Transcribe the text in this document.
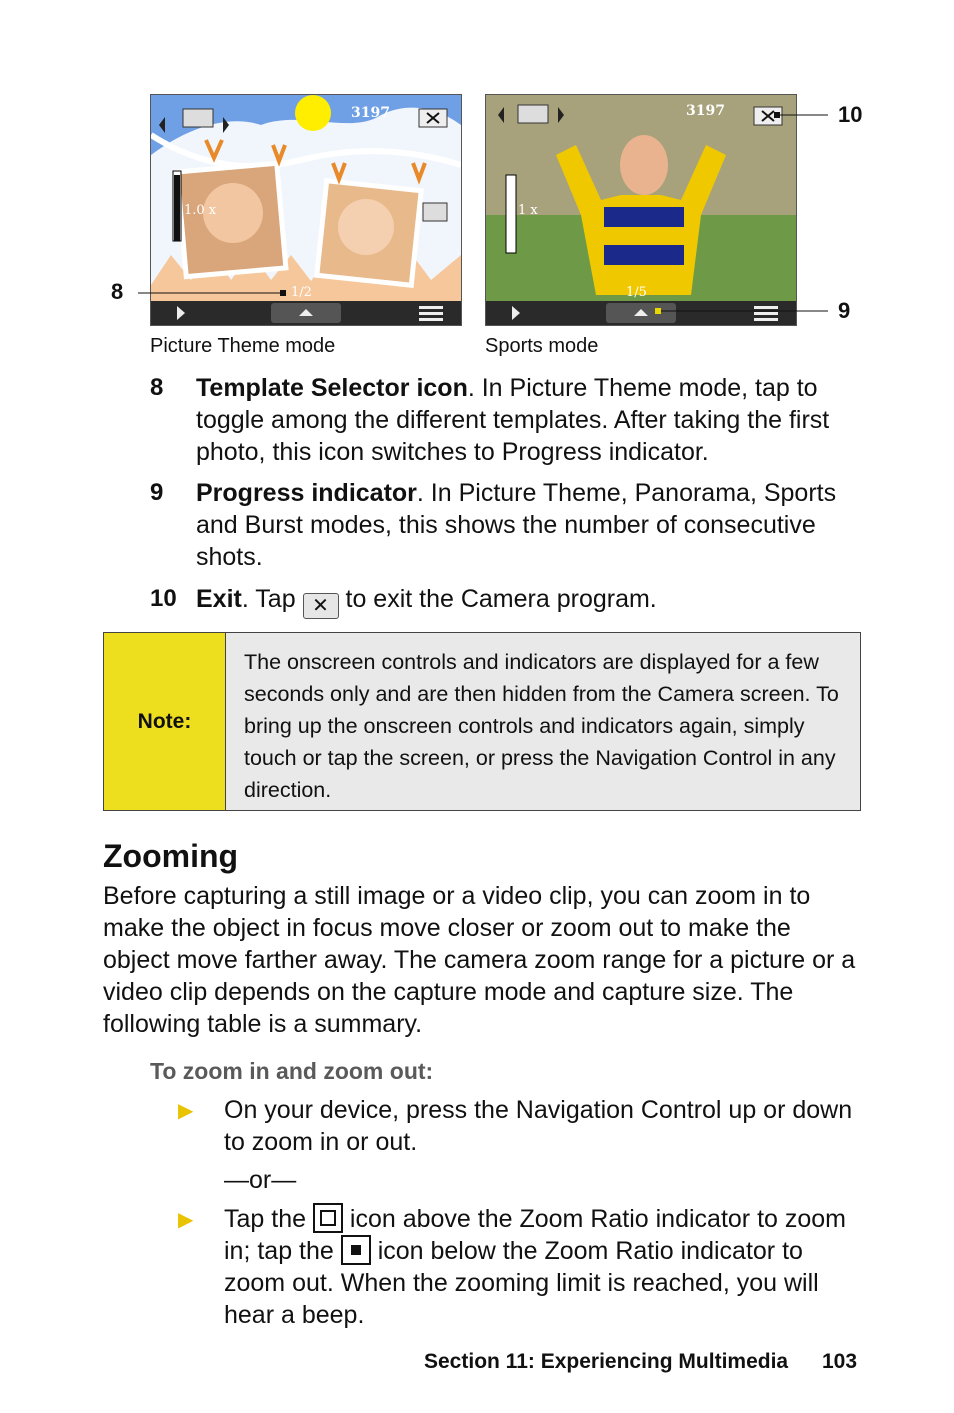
3197
1.0 x
1/2
3197
1 x
1/5
8
10
9
Picture Theme mode	Sports mode
8 Template Selector icon. In Picture Theme mode, tap to toggle among the different templates. After taking the first photo, this icon switches to Progress indicator.
9 Progress indicator. In Picture Theme, Panorama, Sports and Burst modes, this shows the number of consecutive shots.
10 Exit. Tap ✕ to exit the Camera program.
Note:
The onscreen controls and indicators are displayed for a few seconds only and are then hidden from the Camera screen. To bring up the onscreen controls and indicators again, simply touch or tap the screen, or press the Navigation Control in any direction.
Zooming
Before capturing a still image or a video clip, you can zoom in to make the object in focus move closer or zoom out to make the object move farther away. The camera zoom range for a picture or a video clip depends on the capture mode and capture size. The following table is a summary.
To zoom in and zoom out:
▶ On your device, press the Navigation Control up or down to zoom in or out.
—or—
▶ Tap the
icon above the Zoom Ratio indicator to zoom in; tap the
icon below the Zoom Ratio indicator to zoom out. When the zooming limit is reached, you will hear a beep.
Section 11: Experiencing Multimedia 103
